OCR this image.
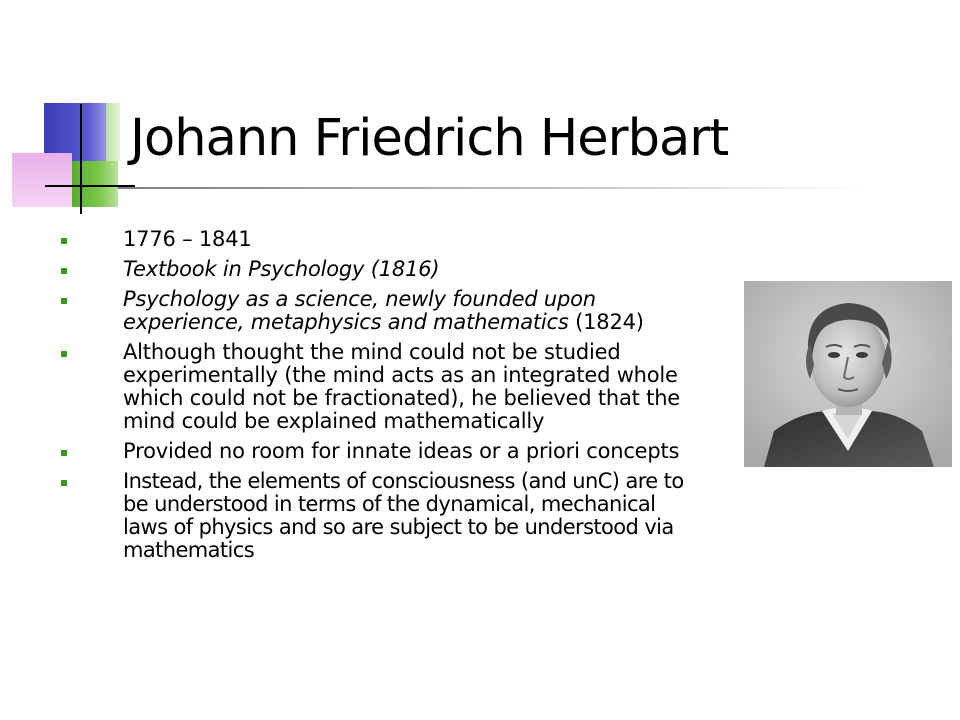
Johann Friedrich Herbart
1776 – 1841
Textbook in Psychology (1816)
Psychology as a science, newly founded upon experience, metaphysics and mathematics (1824)
Although thought the mind could not be studied experimentally (the mind acts as an integrated whole which could not be fractionated), he believed that the mind could be explained mathematically
Provided no room for innate ideas or a priori concepts
Instead, the elements of consciousness (and unC) are to be understood in terms of the dynamical, mechanical laws of physics and so are subject to be understood via mathematics
